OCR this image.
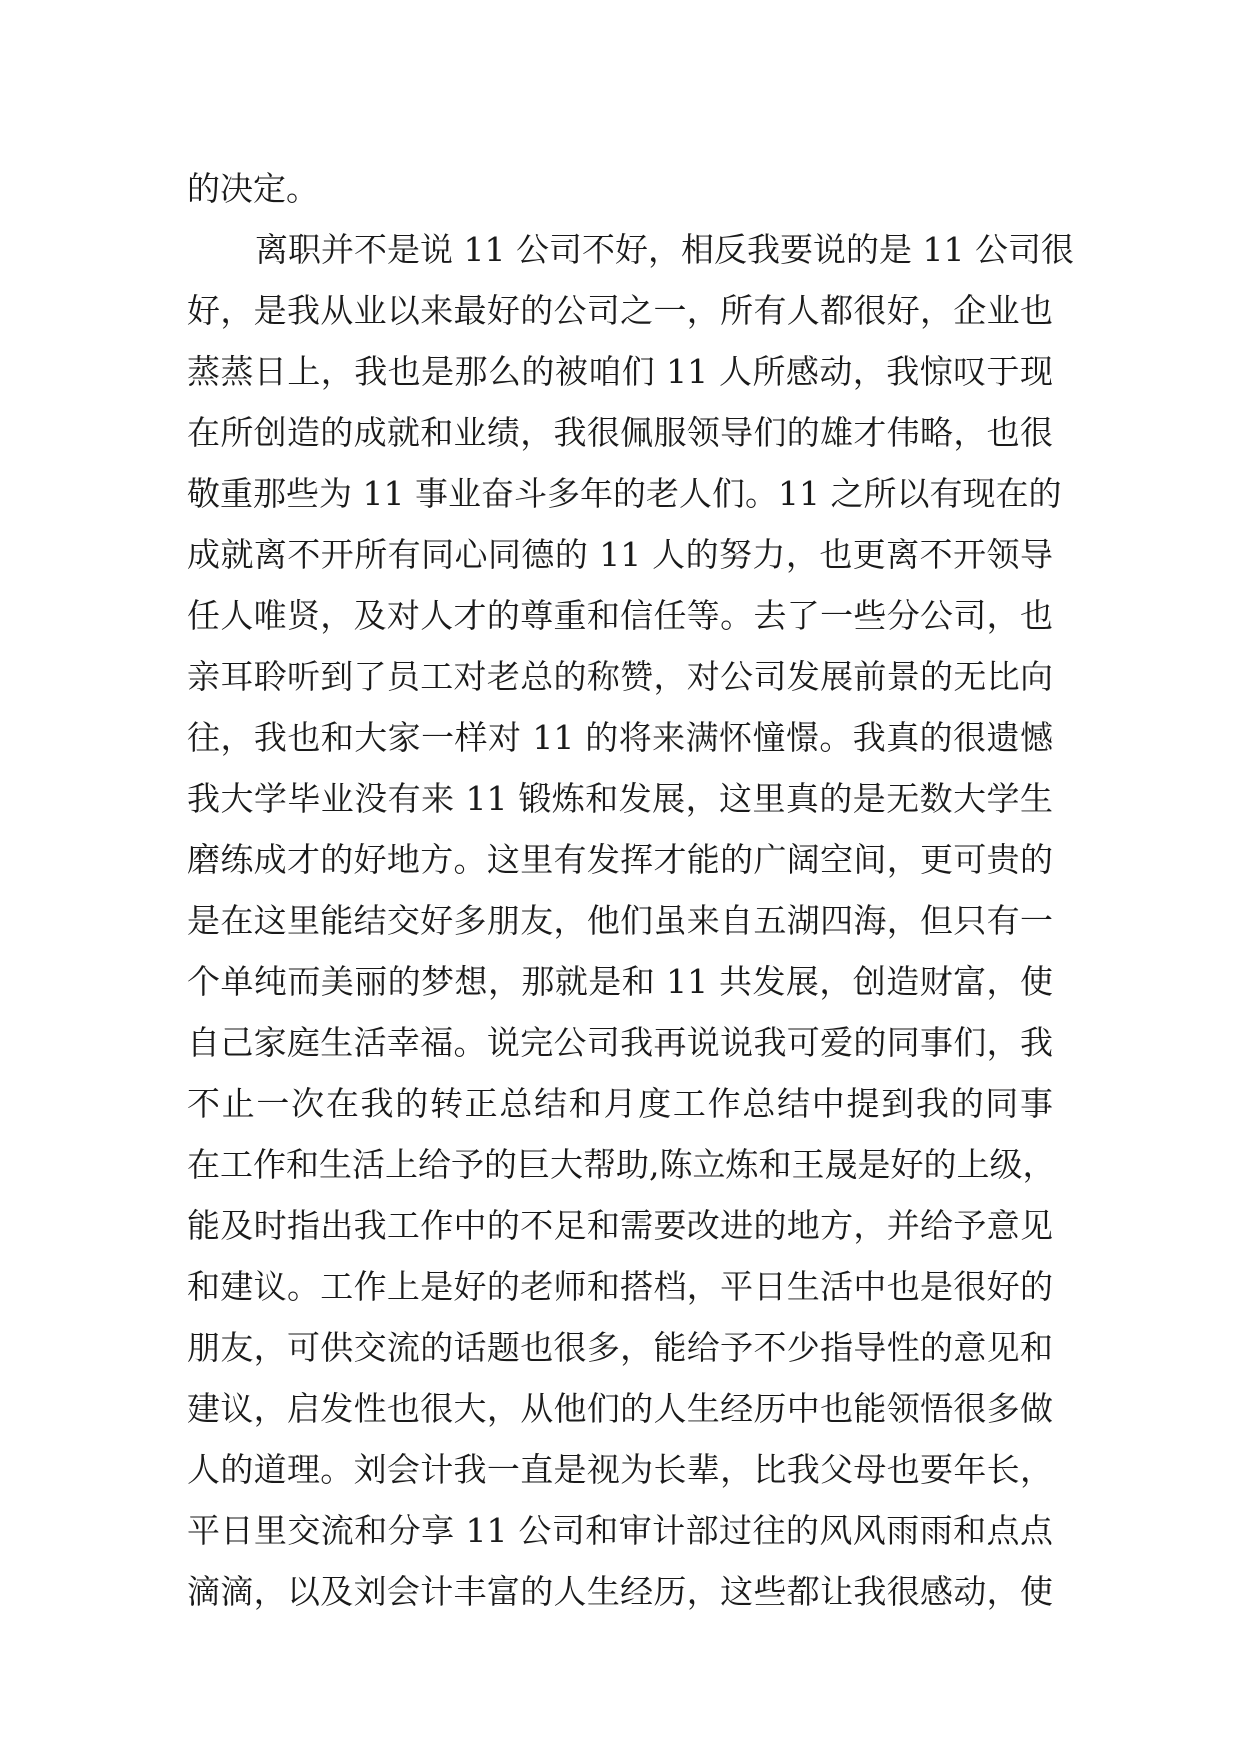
的决定。
离职并不是说 11 公司不好，相反我要说的是 11 公司很
好，是我从业以来最好的公司之一，所有人都很好，企业也
蒸蒸日上，我也是那么的被咱们 11 人所感动，我惊叹于现
在所创造的成就和业绩，我很佩服领导们的雄才伟略，也很
敬重那些为 11 事业奋斗多年的老人们。11 之所以有现在的
成就离不开所有同心同德的 11 人的努力，也更离不开领导
任人唯贤，及对人才的尊重和信任等。去了一些分公司，也
亲耳聆听到了员工对老总的称赞，对公司发展前景的无比向
往，我也和大家一样对 11 的将来满怀憧憬。我真的很遗憾
我大学毕业没有来 11 锻炼和发展，这里真的是无数大学生
磨练成才的好地方。这里有发挥才能的广阔空间，更可贵的
是在这里能结交好多朋友，他们虽来自五湖四海，但只有一
个单纯而美丽的梦想，那就是和 11 共发展，创造财富，使
自己家庭生活幸福。说完公司我再说说我可爱的同事们，我
不止一次在我的转正总结和月度工作总结中提到我的同事
在工作和生活上给予的巨大帮助,陈立炼和王晟是好的上级，
能及时指出我工作中的不足和需要改进的地方，并给予意见
和建议。工作上是好的老师和搭档，平日生活中也是很好的
朋友，可供交流的话题也很多，能给予不少指导性的意见和
建议，启发性也很大，从他们的人生经历中也能领悟很多做
人的道理。刘会计我一直是视为长辈，比我父母也要年长，
平日里交流和分享 11 公司和审计部过往的风风雨雨和点点
滴滴，以及刘会计丰富的人生经历，这些都让我很感动，使
